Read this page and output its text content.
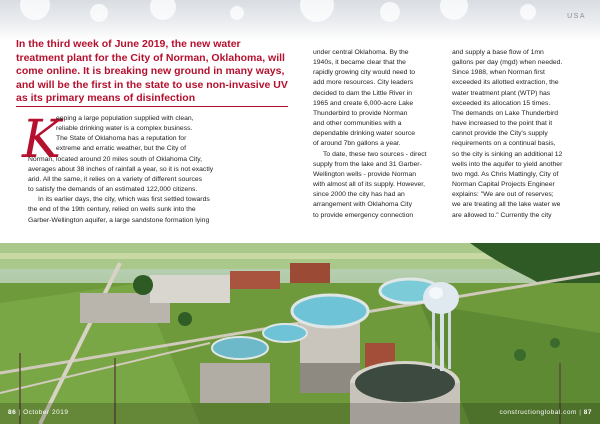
USA
In the third week of June 2019, the new water treatment plant for the City of Norman, Oklahoma, will come online. It is breaking new ground in many ways, and will be the first in the state to use non-invasive UV as its primary means of disinfection
K

eeping a large population supplied with clean,

reliable drinking water is a complex business.

The State of Oklahoma has a reputation for

extreme and erratic weather, but the City of

Norman, located around 20 miles south of Oklahoma City,

averages about 38 inches of rainfall a year, so it is not exactly

arid. All the same, it relies on a variety of different sources

to satisfy the demands of an estimated 122,000 citizens.

In its earlier days, the city, which was first settled towards

the end of the 19th century, relied on wells sunk into the

Garber-Wellington aquifer, a large sandstone formation lying

under central Oklahoma. By the

1940s, it became clear that the

rapidly growing city would need to

add more resources. City leaders

decided to dam the Little River in

1965 and create 6,000-acre Lake

Thunderbird to provide Norman

and other communities with a

dependable drinking water source

of around 7bn gallons a year.

To date, these two sources - direct

supply from the lake and 31 Garber-

Wellington wells - provide Norman

with almost all of its supply. However,

since 2000 the city has had an

arrangement with Oklahoma City

to provide emergency connection

and supply a base flow of 1mn

gallons per day (mgd) when needed.

Since 1988, when Norman first

exceeded its allotted extraction, the

water treatment plant (WTP) has

exceeded its allocation 15 times.

The demands on Lake Thunderbird

have increased to the point that it

cannot provide the City's supply

requirements on a continual basis,

so the city is sinking an additional 12

wells into the aquifer to yield another

two mgd. As Chris Mattingly, City of

Norman Capital Projects Engineer

explains: "We are out of reserves;

we are treating all the lake water we

are allowed to." Currently the city

86 | October 2019	constructionglobal.com | 87
